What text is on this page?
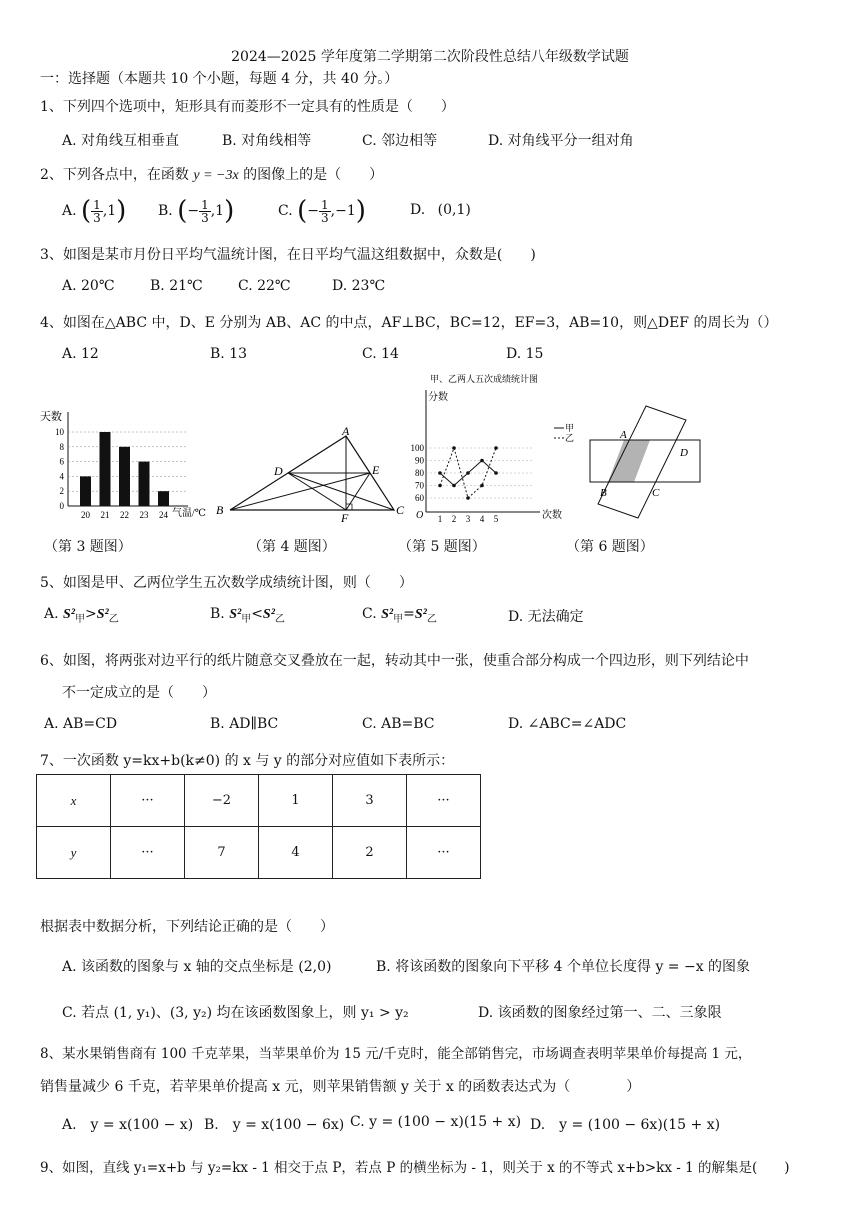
2024—2025 学年度第二学期第二次阶段性总结八年级数学试题
一：选择题（本题共 10 个小题，每题 4 分，共 40 分。）
1、下列四个选项中，矩形具有而菱形不一定具有的性质是（　　）
A. 对角线互相垂直	B. 对角线相等	C. 邻边相等	D. 对角线平分一组对角
2、下列各点中，在函数 y = −3x 的图像上的是（　　）
A. ( $\frac{1}{3} ,1$) B. (− $\frac{1}{3} ,1$)	C. (− $\frac{1}{3} ,-1$)	D. (0,1)
3、如图是某市月份日平均气温统计图，在日平均气温这组数据中，众数是(　　)
A. 20℃	B. 21℃	C. 22℃	D. 23℃
4、如图在△ABC 中，D、E 分别为 AB、AC 的中点，AF⊥BC，BC=12，EF=3，AB=10，则△DEF 的周长为（）
A. 12	B. 13	C. 14	D. 15
天数
气温/℃
0
2
4
6
8
10
20 21 22 23 24
（第 3 题图）
A
B	C
D	E
F
（第 4 题图）
甲、乙两人五次成绩统计图
分数
次数
O
60
70
80
90
100
1 2 3 4 5
甲
乙
（第 5 题图）
A
B	C
D
（第 6 题图）
5、如图是甲、乙两位学生五次数学成绩统计图，则（　　）
A. $S^2_甲>S^2_乙$	B. $S^2_甲<S^2_乙$	C. $S^2_甲=S^2_乙$	D. 无法确定
6、如图，将两张对边平行的纸片随意交叉叠放在一起，转动其中一张，使重合部分构成一个四边形，则下列结论中
不一定成立的是（　　）
A. AB=CD	B. AD∥BC	C. AB=BC	D. ∠ABC=∠ADC
7、一次函数 y=kx+b(k≠0) 的 x 与 y 的部分对应值如下表所示：
x	···	−2	1	3	···
y	···	7	4	2	···
根据表中数据分析，下列结论正确的是（　　）
A. 该函数的图象与 x 轴的交点坐标是 (2,0)	B. 将该函数的图象向下平移 4 个单位长度得 y = −x 的图象
C. 若点 (1, y₁)、(3, y₂) 均在该函数图象上，则 y₁ > y₂	D. 该函数的图象经过第一、二、三象限
8、某水果销售商有 100 千克苹果，当苹果单价为 15 元/千克时，能全部销售完，市场调查表明苹果单价每提高 1 元，
销售量减少 6 千克，若苹果单价提高 x 元，则苹果销售额 y 关于 x 的函数表达式为（　　　　）
A.　y = x(100 − x) B.　y = x(100 − 6x) C. y = (100 − x)(15 + x) D.　y = (100 − 6x)(15 + x)
9、如图，直线 y₁=x+b 与 y₂=kx - 1 相交于点 P，若点 P 的横坐标为 - 1，则关于 x 的不等式 x+b>kx - 1 的解集是(　　)
